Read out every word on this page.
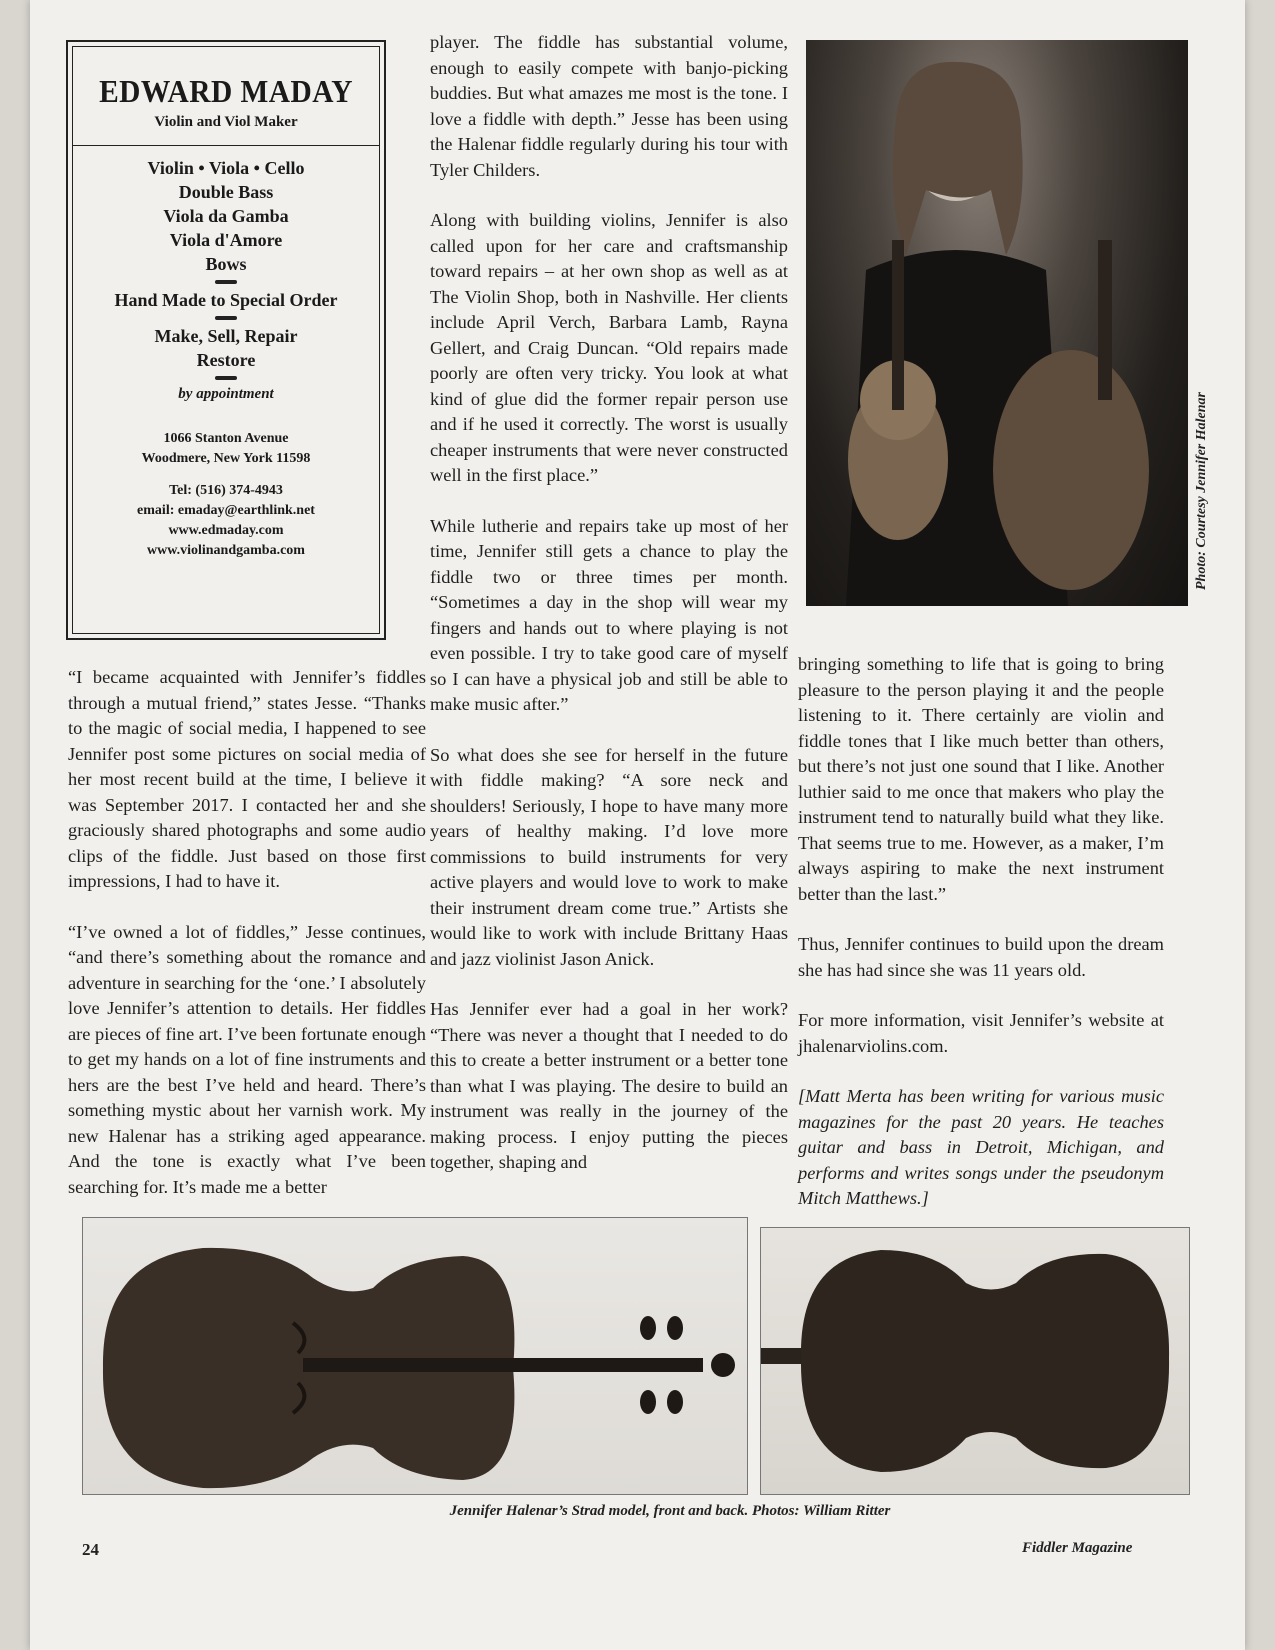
EDWARD MADAY
Violin and Viol Maker
Violin • Viola • Cello
Double Bass
Viola da Gamba
Viola d'Amore
Bows
Hand Made to Special Order
Make, Sell, Repair
Restore
by appointment
1066 Stanton Avenue
Woodmere, New York 11598
Tel: (516) 374-4943
email: emaday@earthlink.net
www.edmaday.com
www.violinandgamba.com

“I became acquainted with Jennifer’s fiddles through a mutual friend,” states Jesse. “Thanks to the magic of social media, I happened to see Jennifer post some pictures on social media of her most recent build at the time, I believe it was September 2017. I contacted her and she graciously shared photographs and some audio clips of the fiddle. Just based on those first impressions, I had to have it.

“I’ve owned a lot of fiddles,” Jesse continues, “and there’s something about the romance and adventure in searching for the ‘one.’ I absolutely love Jennifer’s attention to details. Her fiddles are pieces of fine art. I’ve been fortunate enough to get my hands on a lot of fine instruments and hers are the best I’ve held and heard. There’s something mystic about her varnish work. My new Halenar has a striking aged appearance. And the tone is exactly what I’ve been searching for. It’s made me a better

player. The fiddle has substantial volume, enough to easily compete with banjo-picking buddies. But what amazes me most is the tone. I love a fiddle with depth.” Jesse has been using the Halenar fiddle regularly during his tour with Tyler Childers.

Along with building violins, Jennifer is also called upon for her care and craftsmanship toward repairs – at her own shop as well as at The Violin Shop, both in Nashville. Her clients include April Verch, Barbara Lamb, Rayna Gellert, and Craig Duncan. “Old repairs made poorly are often very tricky. You look at what kind of glue did the former repair person use and if he used it correctly. The worst is usually cheaper instruments that were never constructed well in the first place.”

While lutherie and repairs take up most of her time, Jennifer still gets a chance to play the fiddle two or three times per month. “Sometimes a day in the shop will wear my fingers and hands out to where playing is not even possible. I try to take good care of myself so I can have a physical job and still be able to make music after.”

So what does she see for herself in the future with fiddle making? “A sore neck and shoulders! Seriously, I hope to have many more years of healthy making. I’d love more commissions to build instruments for very active players and would love to work to make their instrument dream come true.” Artists she would like to work with include Brittany Haas and jazz violinist Jason Anick.

Has Jennifer ever had a goal in her work? “There was never a thought that I needed to do this to create a better instrument or a better tone than what I was playing. The desire to build an instrument was really in the journey of the making process. I enjoy putting the pieces together, shaping and

Photo: Courtesy Jennifer Halenar

bringing something to life that is going to bring pleasure to the person playing it and the people listening to it. There certainly are violin and fiddle tones that I like much better than others, but there’s not just one sound that I like. Another luthier said to me once that makers who play the instrument tend to naturally build what they like. That seems true to me. However, as a maker, I’m always aspiring to make the next instrument better than the last.”

Thus, Jennifer continues to build upon the dream she has had since she was 11 years old.

For more information, visit Jennifer’s website at jhalenarviolins.com.

[Matt Merta has been writing for various music magazines for the past 20 years. He teaches guitar and bass in Detroit, Michigan, and performs and writes songs under the pseudonym Mitch Matthews.]

Jennifer Halenar’s Strad model, front and back. Photos: William Ritter
24	Fiddler Magazine
